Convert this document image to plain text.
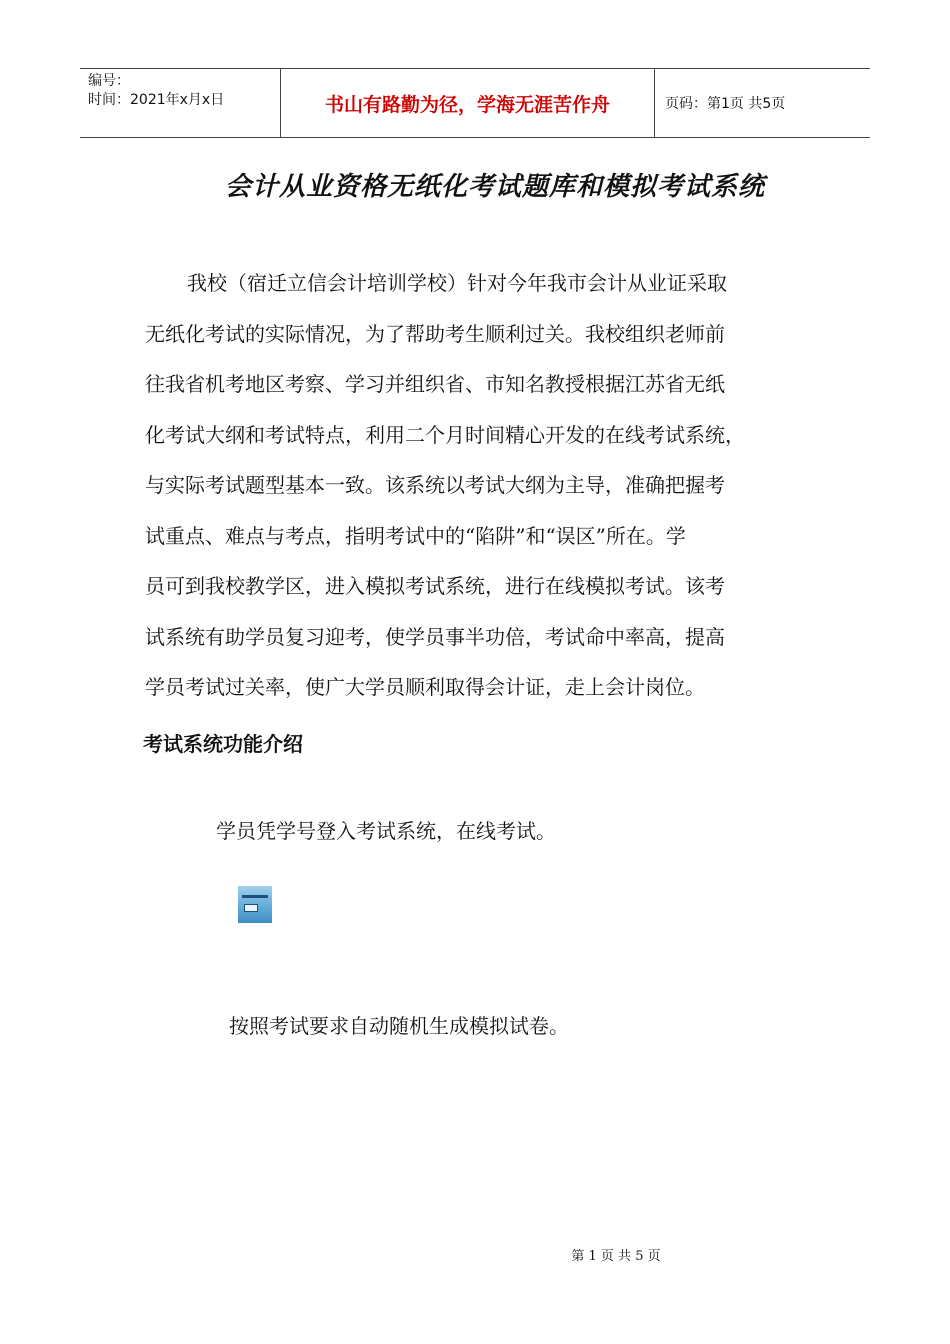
编号：
时间：2021年x月x日	书山有路勤为径，学海无涯苦作舟	页码：第1页 共5页
会计从业资格无纸化考试题库和模拟考试系统
我校（宿迁立信会计培训学校）针对今年我市会计从业证采取
无纸化考试的实际情况，为了帮助考生顺利过关。我校组织老师前
往我省机考地区考察、学习并组织省、市知名教授根据江苏省无纸
化考试大纲和考试特点，利用二个月时间精心开发的在线考试系统，
与实际考试题型基本一致。该系统以考试大纲为主导，准确把握考
试重点、难点与考点，指明考试中的“陷阱”和“误区”所在。学
员可到我校教学区，进入模拟考试系统，进行在线模拟考试。该考
试系统有助学员复习迎考，使学员事半功倍，考试命中率高，提高
学员考试过关率，使广大学员顺利取得会计证，走上会计岗位。
考试系统功能介绍
学员凭学号登入考试系统，在线考试。
按照考试要求自动随机生成模拟试卷。
第 1 页 共 5 页
